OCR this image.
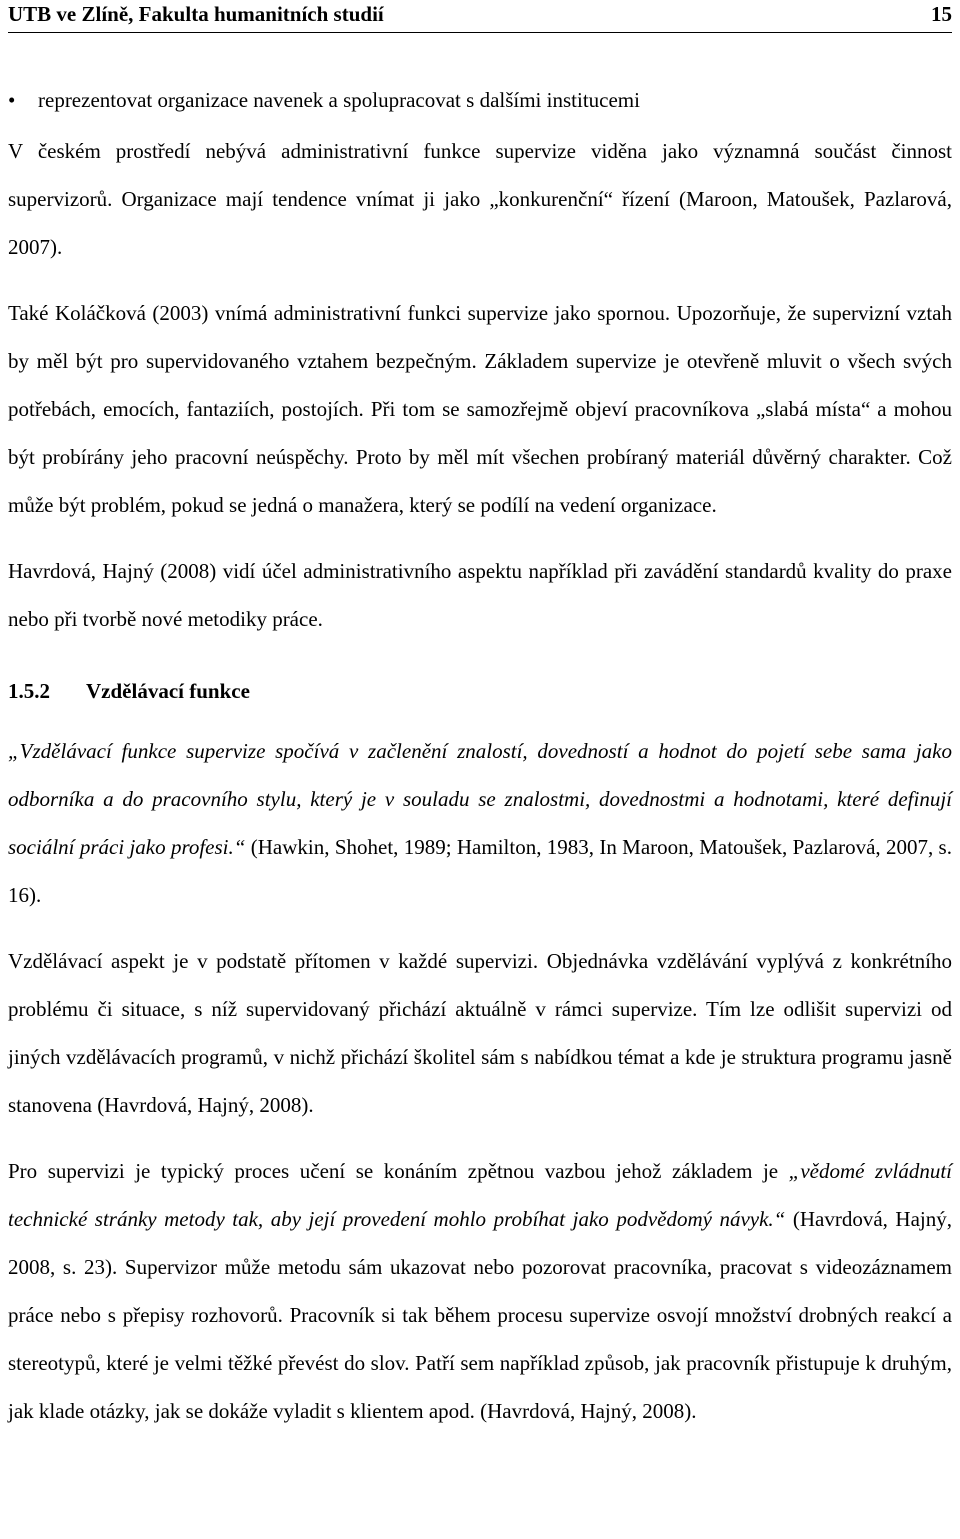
UTB ve Zlíně, Fakulta humanitních studií	15

• reprezentovat organizace navenek a spolupracovat s dalšími institucemi

V českém prostředí nebývá administrativní funkce supervize viděna jako významná součást činnost supervizorů. Organizace mají tendence vnímat ji jako „konkurenční“ řízení (Maroon, Matoušek, Pazlarová, 2007).

Také Koláčková (2003) vnímá administrativní funkci supervize jako spornou. Upozorňuje, že supervizní vztah by měl být pro supervidovaného vztahem bezpečným. Základem supervize je otevřeně mluvit o všech svých potřebách, emocích, fantaziích, postojích. Při tom se samozřejmě objeví pracovníkova „slabá místa“ a mohou být probírány jeho pracovní neúspěchy. Proto by měl mít všechen probíraný materiál důvěrný charakter. Což může být problém, pokud se jedná o manažera, který se podílí na vedení organizace.

Havrdová, Hajný (2008) vidí účel administrativního aspektu například při zavádění standardů kvality do praxe nebo při tvorbě nové metodiky práce.

1.5.2 Vzdělávací funkce

„Vzdělávací funkce supervize spočívá v začlenění znalostí, dovedností a hodnot do pojetí sebe sama jako odborníka a do pracovního stylu, který je v souladu se znalostmi, dovednostmi a hodnotami, které definují sociální práci jako profesi.“ (Hawkin, Shohet, 1989; Hamilton, 1983, In Maroon, Matoušek, Pazlarová, 2007, s. 16).

Vzdělávací aspekt je v podstatě přítomen v každé supervizi. Objednávka vzdělávání vyplývá z konkrétního problému či situace, s níž supervidovaný přichází aktuálně v rámci supervize. Tím lze odlišit supervizi od jiných vzdělávacích programů, v nichž přichází školitel sám s nabídkou témat a kde je struktura programu jasně stanovena (Havrdová, Hajný, 2008).

Pro supervizi je typický proces učení se konáním zpětnou vazbou jehož základem je „vědomé zvládnutí technické stránky metody tak, aby její provedení mohlo probíhat jako podvědomý návyk.“ (Havrdová, Hajný, 2008, s. 23). Supervizor může metodu sám ukazovat nebo pozorovat pracovníka, pracovat s videozáznamem práce nebo s přepisy rozhovorů. Pracovník si tak během procesu supervize osvojí množství drobných reakcí a stereotypů, které je velmi těžké převést do slov. Patří sem například způsob, jak pracovník přistupuje k druhým, jak klade otázky, jak se dokáže vyladit s klientem apod. (Havrdová, Hajný, 2008).
